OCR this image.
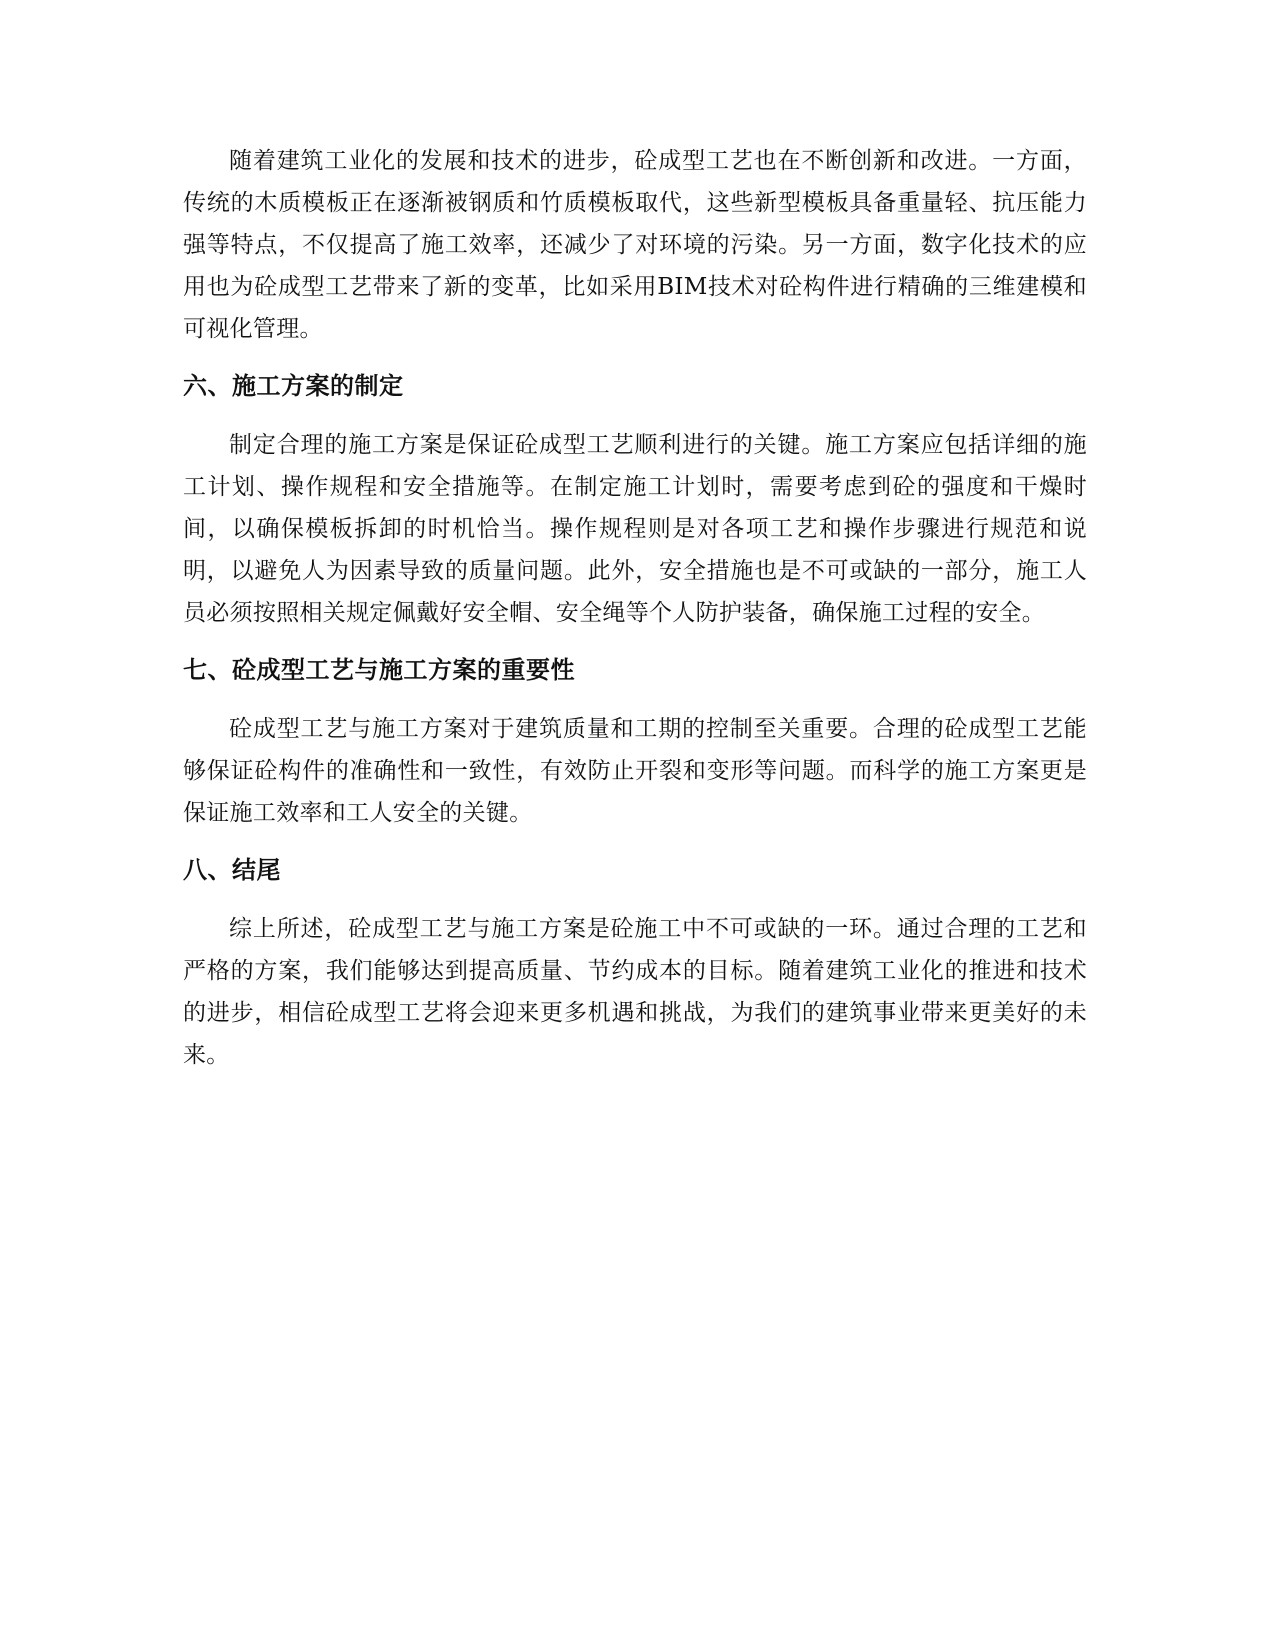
随着建筑工业化的发展和技术的进步，砼成型工艺也在不断创新和改进。一方面，传统的木质模板正在逐渐被钢质和竹质模板取代，这些新型模板具备重量轻、抗压能力强等特点，不仅提高了施工效率，还减少了对环境的污染。另一方面，数字化技术的应用也为砼成型工艺带来了新的变革，比如采用BIM技术对砼构件进行精确的三维建模和可视化管理。

六、施工方案的制定

制定合理的施工方案是保证砼成型工艺顺利进行的关键。施工方案应包括详细的施工计划、操作规程和安全措施等。在制定施工计划时，需要考虑到砼的强度和干燥时间，以确保模板拆卸的时机恰当。操作规程则是对各项工艺和操作步骤进行规范和说明，以避免人为因素导致的质量问题。此外，安全措施也是不可或缺的一部分，施工人员必须按照相关规定佩戴好安全帽、安全绳等个人防护装备，确保施工过程的安全。

七、砼成型工艺与施工方案的重要性

砼成型工艺与施工方案对于建筑质量和工期的控制至关重要。合理的砼成型工艺能够保证砼构件的准确性和一致性，有效防止开裂和变形等问题。而科学的施工方案更是保证施工效率和工人安全的关键。

八、结尾

综上所述，砼成型工艺与施工方案是砼施工中不可或缺的一环。通过合理的工艺和严格的方案，我们能够达到提高质量、节约成本的目标。随着建筑工业化的推进和技术的进步，相信砼成型工艺将会迎来更多机遇和挑战，为我们的建筑事业带来更美好的未来。
